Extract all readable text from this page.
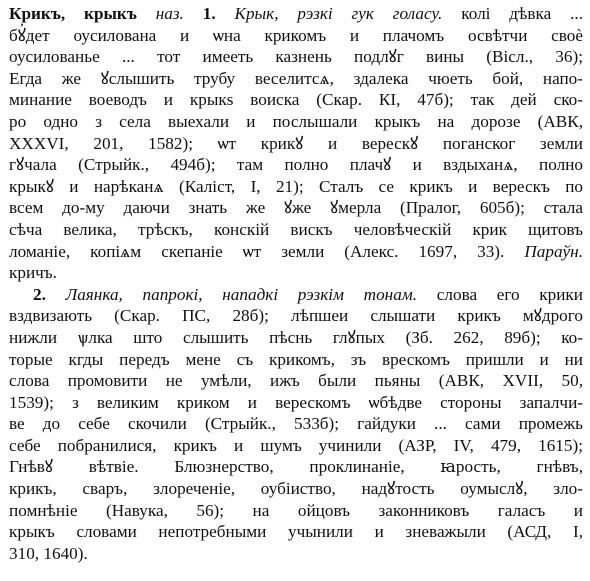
Крикъ, крыкъ наз. 1. Крык, рэзкі гук голасу. колі дѣвка ...
бꙋ҆дет оусилована и ѡна крикомъ и плачомъ освѣтчи своѐ
оусилованье ... тот имееть казнень подлꙋг вины (Вісл., 36);
Егда же ꙋслышить трубу веселитсѧ, здалека чюеть бой, напо-
минание воеводъ и крыкѕ воиска (Скар. КІ, 47б); так дей ско-
ро одно з села выехали и послышали крыкъ на дорозе (АВК,
XXXVI, 201, 1582); ѡт крикꙋ и верескꙋ поганског земли
гꙋчала (Стрыйк., 494б); там полно плачꙋ и вздыханѧ, полно
крыкꙋ и нарѣканѧ (Каліст, І, 21); Сталъ се крикъ и верескъ по
всем до-му даючи знать же ꙋже ꙋмерла (Пралог, 605б); стала
сѣча велика, трѣскъ, конскій вискъ человѣческій крик щитовъ
ломаніе, копіѧм скепаніе ѡт земли (Алекс. 1697, 33). Параўн.
кричъ.
2. Лаянка, папрокі, нападкі рэзкім тонам. слова его крики
вздвизають (Скар. ПС, 28б); лѣпшеи слышати крикъ мꙋдрого
нижли ѱлка што слышить пѣснь глꙋпых (Зб. 262, 89б); ко-
торые кгды передъ мене съ крикомъ, зъ врескомъ пришли и ни
слова промовити не умѣли, ижъ были пьяны (АВК, XVII, 50,
1539); з великим криком и верескомъ ѡбѣдве стороны запалчи-
ве до себе скочили (Стрыйк., 533б); гайдуки ... сами промежь
себе побранилися, крикъ и шумъ учинили (АЗР, IV, 479, 1615);
Гнѣвꙋ вѣтвіе. Блюзнерство, проклинаніе, ꙗрость, гнѣвъ,
крикъ, сваръ, злореченіе, оубіиство, надꙋтость оумыслꙋ, зло-
помнѣніе (Навука, 56); на ойцовъ законниковъ галасъ и
крыкъ словами непотребными учынили и зневажыли (АСД, І,
310, 1640).
